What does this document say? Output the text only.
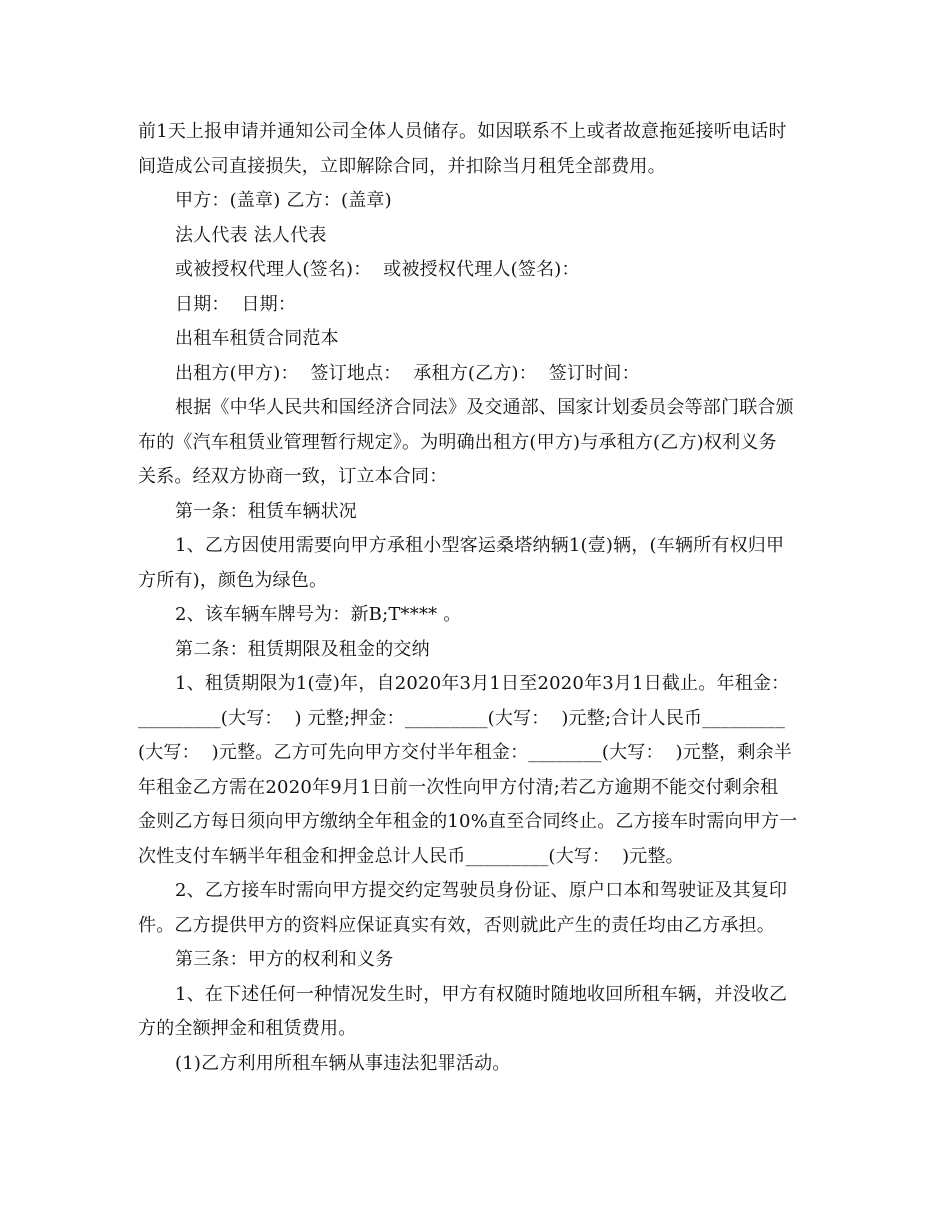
前1天上报申请并通知公司全体人员储存。如因联系不上或者故意拖延接听电话时
间造成公司直接损失，立即解除合同，并扣除当月租凭全部费用。
甲方：(盖章) 乙方：(盖章)
法人代表 法人代表
或被授权代理人(签名)：  或被授权代理人(签名)：
日期：  日期：
出租车租赁合同范本
出租方(甲方)：  签订地点：  承租方(乙方)：  签订时间：
根据《中华人民共和国经济合同法》及交通部、国家计划委员会等部门联合颁
布的《汽车租赁业管理暂行规定》。为明确出租方(甲方)与承租方(乙方)权利义务
关系。经双方协商一致，订立本合同：
第一条：租赁车辆状况
1、乙方因使用需要向甲方承租小型客运桑塔纳辆1(壹)辆，(车辆所有权归甲
方所有)，颜色为绿色。
2、该车辆车牌号为：新B;T**** 。
第二条：租赁期限及租金的交纳
1、租赁期限为1(壹)年，自2020年3月1日至2020年3月1日截止。年租金：
_________(大写：  ) 元整;押金：_________(大写：  )元整;合计人民币_________
(大写：  )元整。乙方可先向甲方交付半年租金：________(大写：  )元整，剩余半
年租金乙方需在2020年9月1日前一次性向甲方付清;若乙方逾期不能交付剩余租
金则乙方每日须向甲方缴纳全年租金的10%直至合同终止。乙方接车时需向甲方一
次性支付车辆半年租金和押金总计人民币_________(大写：  )元整。
2、乙方接车时需向甲方提交约定驾驶员身份证、原户口本和驾驶证及其复印
件。乙方提供甲方的资料应保证真实有效，否则就此产生的责任均由乙方承担。
第三条：甲方的权利和义务
1、在下述任何一种情况发生时，甲方有权随时随地收回所租车辆，并没收乙
方的全额押金和租赁费用。
(1)乙方利用所租车辆从事违法犯罪活动。
